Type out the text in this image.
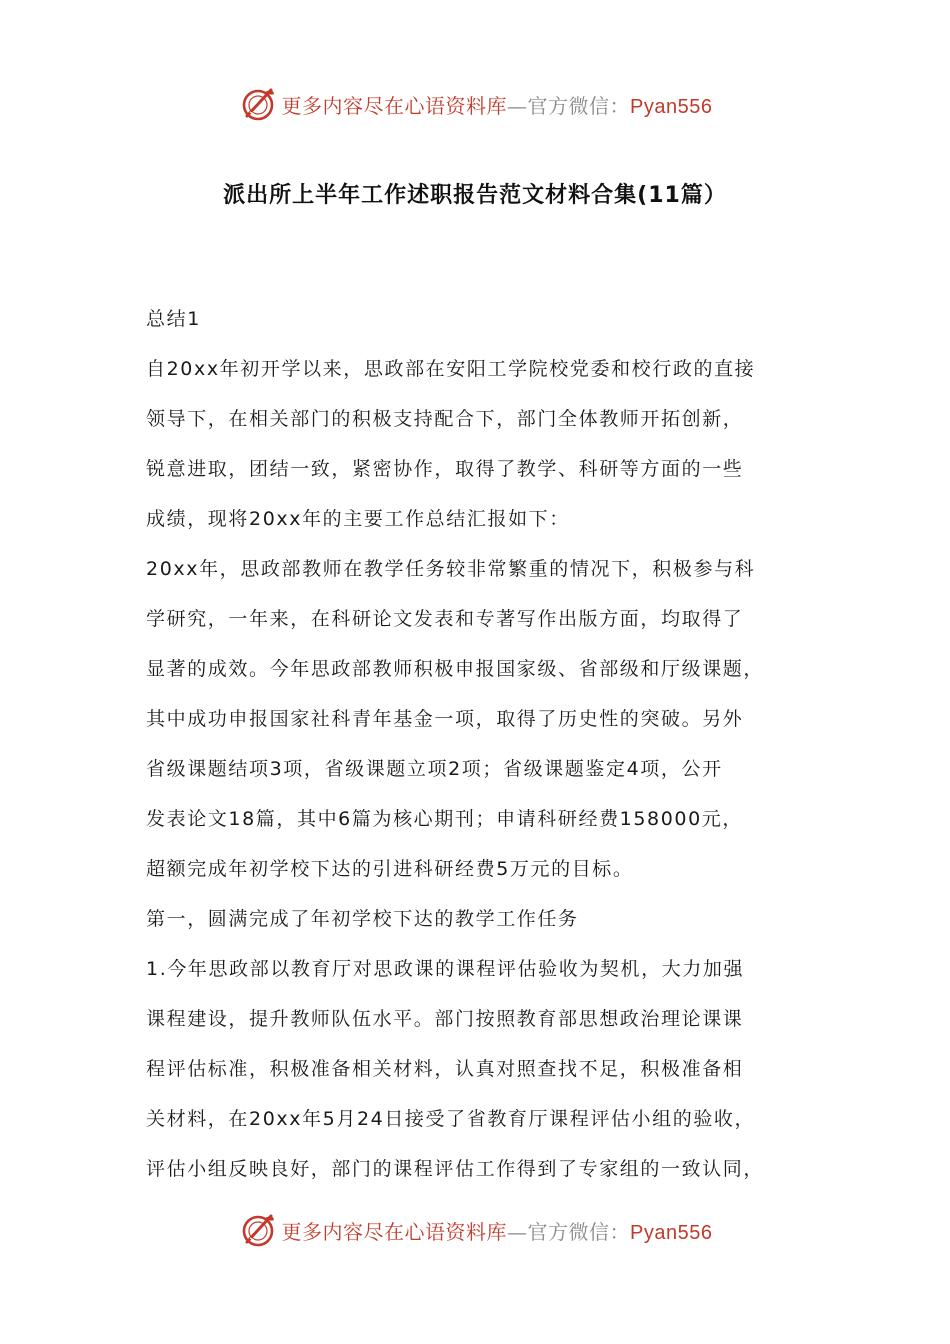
更多内容尽在心语资料库—官方微信：Pyan556
派出所上半年工作述职报告范文材料合集(11篇）

总结1

自20xx年初开学以来，思政部在安阳工学院校党委和校行政的直接

领导下，在相关部门的积极支持配合下，部门全体教师开拓创新，

锐意进取，团结一致，紧密协作，取得了教学、科研等方面的一些

成绩，现将20xx年的主要工作总结汇报如下：

20xx年，思政部教师在教学任务较非常繁重的情况下，积极参与科

学研究，一年来，在科研论文发表和专著写作出版方面，均取得了

显著的成效。今年思政部教师积极申报国家级、省部级和厅级课题，

其中成功申报国家社科青年基金一项，取得了历史性的突破。另外

省级课题结项3项，省级课题立项2项；省级课题鉴定4项，公开

发表论文18篇，其中6篇为核心期刊；申请科研经费158000元，

超额完成年初学校下达的引进科研经费5万元的目标。

第一，圆满完成了年初学校下达的教学工作任务

1.今年思政部以教育厅对思政课的课程评估验收为契机，大力加强

课程建设，提升教师队伍水平。部门按照教育部思想政治理论课课

程评估标准，积极准备相关材料，认真对照查找不足，积极准备相

关材料，在20xx年5月24日接受了省教育厅课程评估小组的验收，

评估小组反映良好，部门的课程评估工作得到了专家组的一致认同，

更多内容尽在心语资料库—官方微信：Pyan556
